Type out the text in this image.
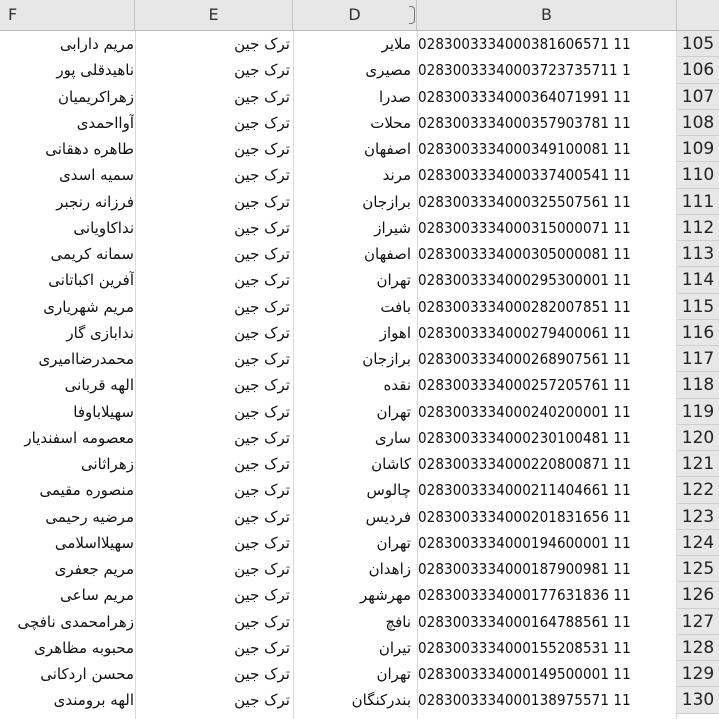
F	E	D	B
مریم دارابی	ترک جین	ملایر 0283003334000381606571 11	105
ناهیدقلی پور	ترک جین	مصیری 02830033340003723735711 1	106
زهراکریمیان	ترک جین	صدرا 0283003334000364071991 11	107
آوااحمدی	ترک جین	محلات 0283003334000357903781 11	108
طاهره دهقانی	ترک جین	اصفهان 0283003334000349100081 11	109
سمیه اسدی	ترک جین	مرند 0283003334000337400541 11	110
فرزانه رنجبر	ترک جین	برازجان 0283003334000325507561 11	111
نداکاویانی	ترک جین	شیراز 0283003334000315000071 11	112
سمانه کریمی	ترک جین	اصفهان 0283003334000305000081 11	113
آفرین اکباتانی	ترک جین	تهران 0283003334000295300001 11	114
مریم شهریاری	ترک جین	بافت 0283003334000282007851 11	115
ندابازی گار	ترک جین	اهواز 0283003334000279400061 11	116
محمدرضاامیری	ترک جین	برازجان 0283003334000268907561 11	117
الهه قربانی	ترک جین	نقده 0283003334000257205761 11	118
سهیلاباوفا	ترک جین	تهران 0283003334000240200001 11	119
معصومه اسفندیار	ترک جین	ساری 0283003334000230100481 11	120
زهراثانی	ترک جین	کاشان 0283003334000220800871 11	121
منصوره مقیمی	ترک جین	چالوس 0283003334000211404661 11	122
مرضیه رحیمی	ترک جین	فردیس 0283003334000201831656 11	123
سهیلااسلامی	ترک جین	تهران 0283003334000194600001 11	124
مریم جعفری	ترک جین	زاهدان 0283003334000187900981 11	125
مریم ساعی	ترک جین	مهرشهر 0283003334000177631836 11	126
زهرامحمدی نافچی	ترک جین	نافچ 0283003334000164788561 11	127
محبوبه مظاهری	ترک جین	تیران 0283003334000155208531 11	128
محسن اردکانی	ترک جین	تهران 0283003334000149500001 11	129
الهه برومندی	ترک جین	بندرکنگان 0283003334000138975571 11	130
